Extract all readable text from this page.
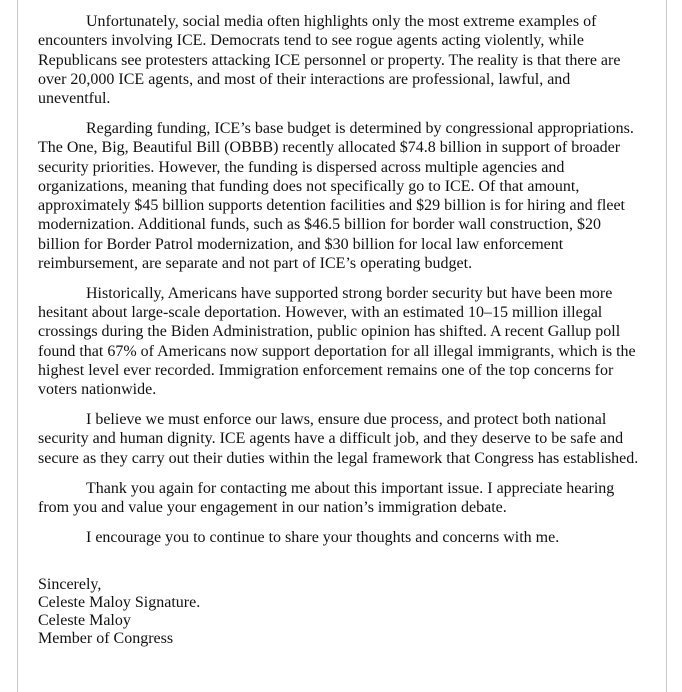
Unfortunately, social media often highlights only the most extreme examples of encounters involving ICE. Democrats tend to see rogue agents acting violently, while Republicans see protesters attacking ICE personnel or property. The reality is that there are over 20,000 ICE agents, and most of their interactions are professional, lawful, and uneventful.

Regarding funding, ICE’s base budget is determined by congressional appropriations. The One, Big, Beautiful Bill (OBBB) recently allocated $74.8 billion in support of broader security priorities. However, the funding is dispersed across multiple agencies and organizations, meaning that funding does not specifically go to ICE. Of that amount, approximately $45 billion supports detention facilities and $29 billion is for hiring and fleet modernization. Additional funds, such as $46.5 billion for border wall construction, $20 billion for Border Patrol modernization, and $30 billion for local law enforcement reimbursement, are separate and not part of ICE’s operating budget.

Historically, Americans have supported strong border security but have been more hesitant about large-scale deportation. However, with an estimated 10–15 million illegal crossings during the Biden Administration, public opinion has shifted. A recent Gallup poll found that 67% of Americans now support deportation for all illegal immigrants, which is the highest level ever recorded. Immigration enforcement remains one of the top concerns for voters nationwide.

I believe we must enforce our laws, ensure due process, and protect both national security and human dignity. ICE agents have a difficult job, and they deserve to be safe and secure as they carry out their duties within the legal framework that Congress has established.

Thank you again for contacting me about this important issue. I appreciate hearing from you and value your engagement in our nation’s immigration debate.

I encourage you to continue to share your thoughts and concerns with me.

Sincerely,
Celeste Maloy Signature.
Celeste Maloy
Member of Congress
